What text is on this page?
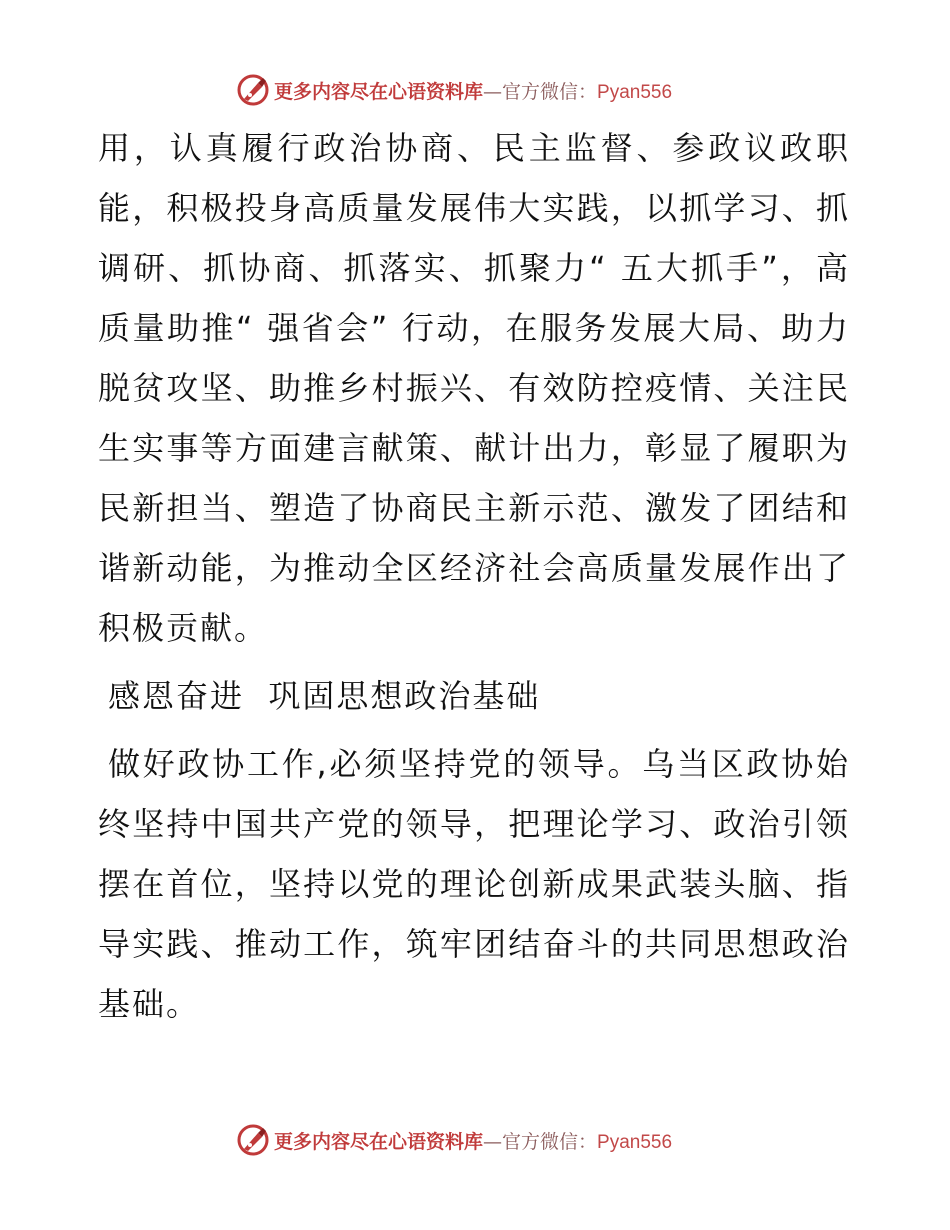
更多内容尽在心语资料库—官方微信：Pyan556

用，认真履行政治协商、民主监督、参政议政职能，积极投身高质量发展伟大实践，以抓学习、抓调研、抓协商、抓落实、抓聚力“ 五大抓手”，高质量助推“ 强省会” 行动，在服务发展大局、助力脱贫攻坚、助推乡村振兴、有效防控疫情、关注民生实事等方面建言献策、献计出力，彰显了履职为民新担当、塑造了协商民主新示范、激发了团结和谐新动能，为推动全区经济社会高质量发展作出了积极贡献。

感恩奋进  巩固思想政治基础

做好政协工作,必须坚持党的领导。乌当区政协始终坚持中国共产党的领导，把理论学习、政治引领摆在首位，坚持以党的理论创新成果武装头脑、指导实践、推动工作，筑牢团结奋斗的共同思想政治基础。

更多内容尽在心语资料库—官方微信：Pyan556
